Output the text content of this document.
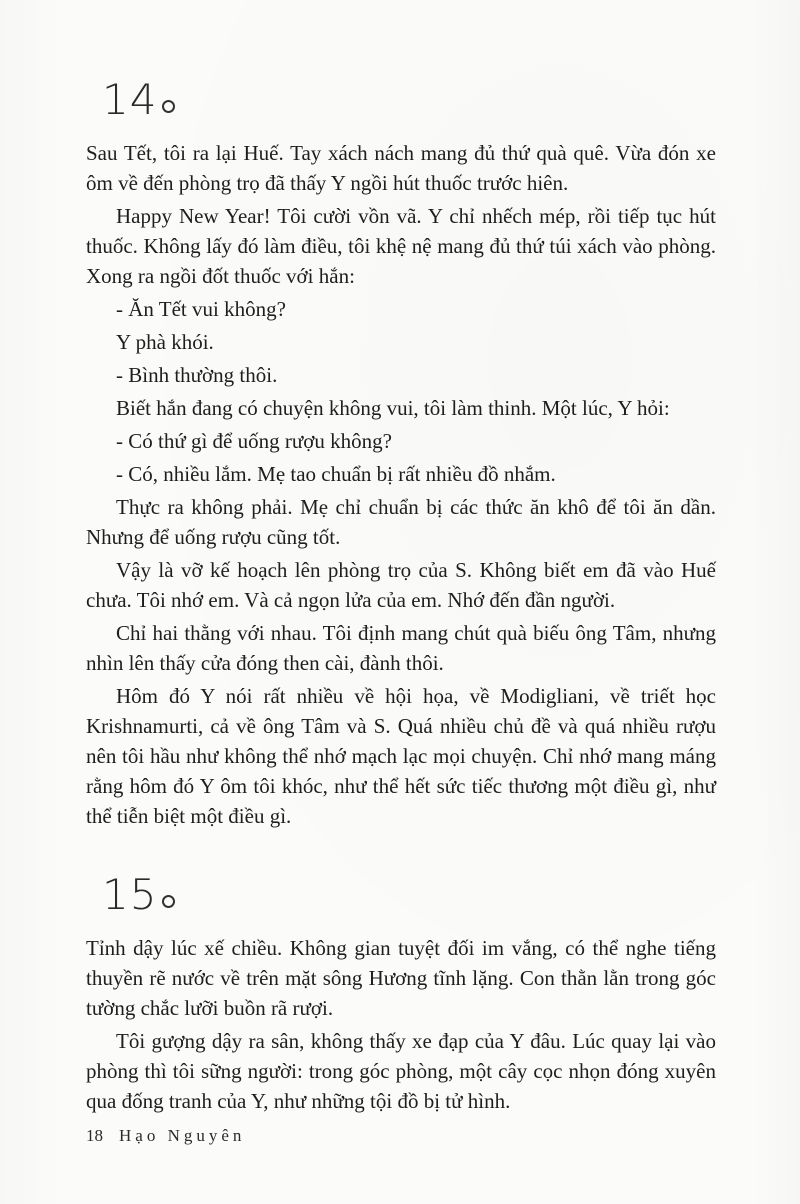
14

Sau Tết, tôi ra lại Huế. Tay xách nách mang đủ thứ quà quê. Vừa đón xe ôm về đến phòng trọ đã thấy Y ngồi hút thuốc trước hiên.

Happy New Year! Tôi cười vồn vã. Y chỉ nhếch mép, rồi tiếp tục hút thuốc. Không lấy đó làm điều, tôi khệ nệ mang đủ thứ túi xách vào phòng. Xong ra ngồi đốt thuốc với hắn:

- Ăn Tết vui không?

Y phà khói.

- Bình thường thôi.

Biết hắn đang có chuyện không vui, tôi làm thinh. Một lúc, Y hỏi:

- Có thứ gì để uống rượu không?

- Có, nhiều lắm. Mẹ tao chuẩn bị rất nhiều đồ nhắm.

Thực ra không phải. Mẹ chỉ chuẩn bị các thức ăn khô để tôi ăn dần. Nhưng để uống rượu cũng tốt.

Vậy là vỡ kế hoạch lên phòng trọ của S. Không biết em đã vào Huế chưa. Tôi nhớ em. Và cả ngọn lửa của em. Nhớ đến đần người.

Chỉ hai thằng với nhau. Tôi định mang chút quà biếu ông Tâm, nhưng nhìn lên thấy cửa đóng then cài, đành thôi.

Hôm đó Y nói rất nhiều về hội họa, về Modigliani, về triết học Krishnamurti, cả về ông Tâm và S. Quá nhiều chủ đề và quá nhiều rượu nên tôi hầu như không thể nhớ mạch lạc mọi chuyện. Chỉ nhớ mang máng rằng hôm đó Y ôm tôi khóc, như thể hết sức tiếc thương một điều gì, như thể tiễn biệt một điều gì.

15

Tỉnh dậy lúc xế chiều. Không gian tuyệt đối im vắng, có thể nghe tiếng thuyền rẽ nước về trên mặt sông Hương tĩnh lặng. Con thằn lằn trong góc tường chắc lưỡi buồn rã rượi.

Tôi gượng dậy ra sân, không thấy xe đạp của Y đâu. Lúc quay lại vào phòng thì tôi sững người: trong góc phòng, một cây cọc nhọn đóng xuyên qua đống tranh của Y, như những tội đồ bị tử hình.

18 Hạo Nguyên
